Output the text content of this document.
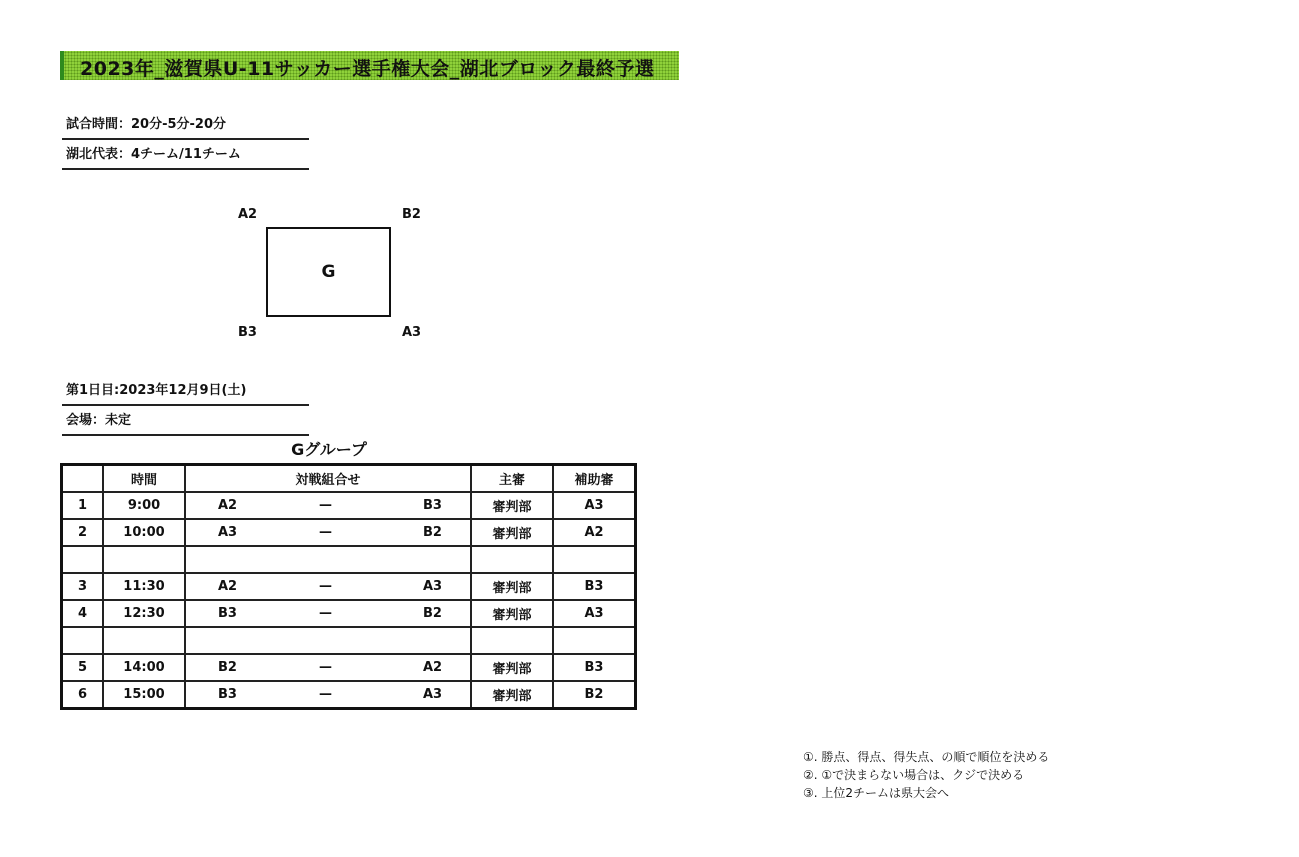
2023年_滋賀県U-11サッカー選手権大会_湖北ブロック最終予選
試合時間：20分-5分-20分
湖北代表：4チーム/11チーム
A2	B2
G
B3	A3
第1日目:2023年12月9日(土)
会場：未定
Gグループ
	時間	対戦組合せ	主審	補助審
1	9:00	A2 — B3	審判部	A3
2	10:00	A3 — B2	審判部	A2

3	11:30	A2 — A3	審判部	B3
4	12:30	B3 — B2	審判部	A3

5	14:00	B2 — A2	審判部	B3
6	15:00	B3 — A3	審判部	B2
①. 勝点、得点、得失点、の順で順位を決める
②. ①で決まらない場合は、クジで決める
③. 上位2チームは県大会へ
